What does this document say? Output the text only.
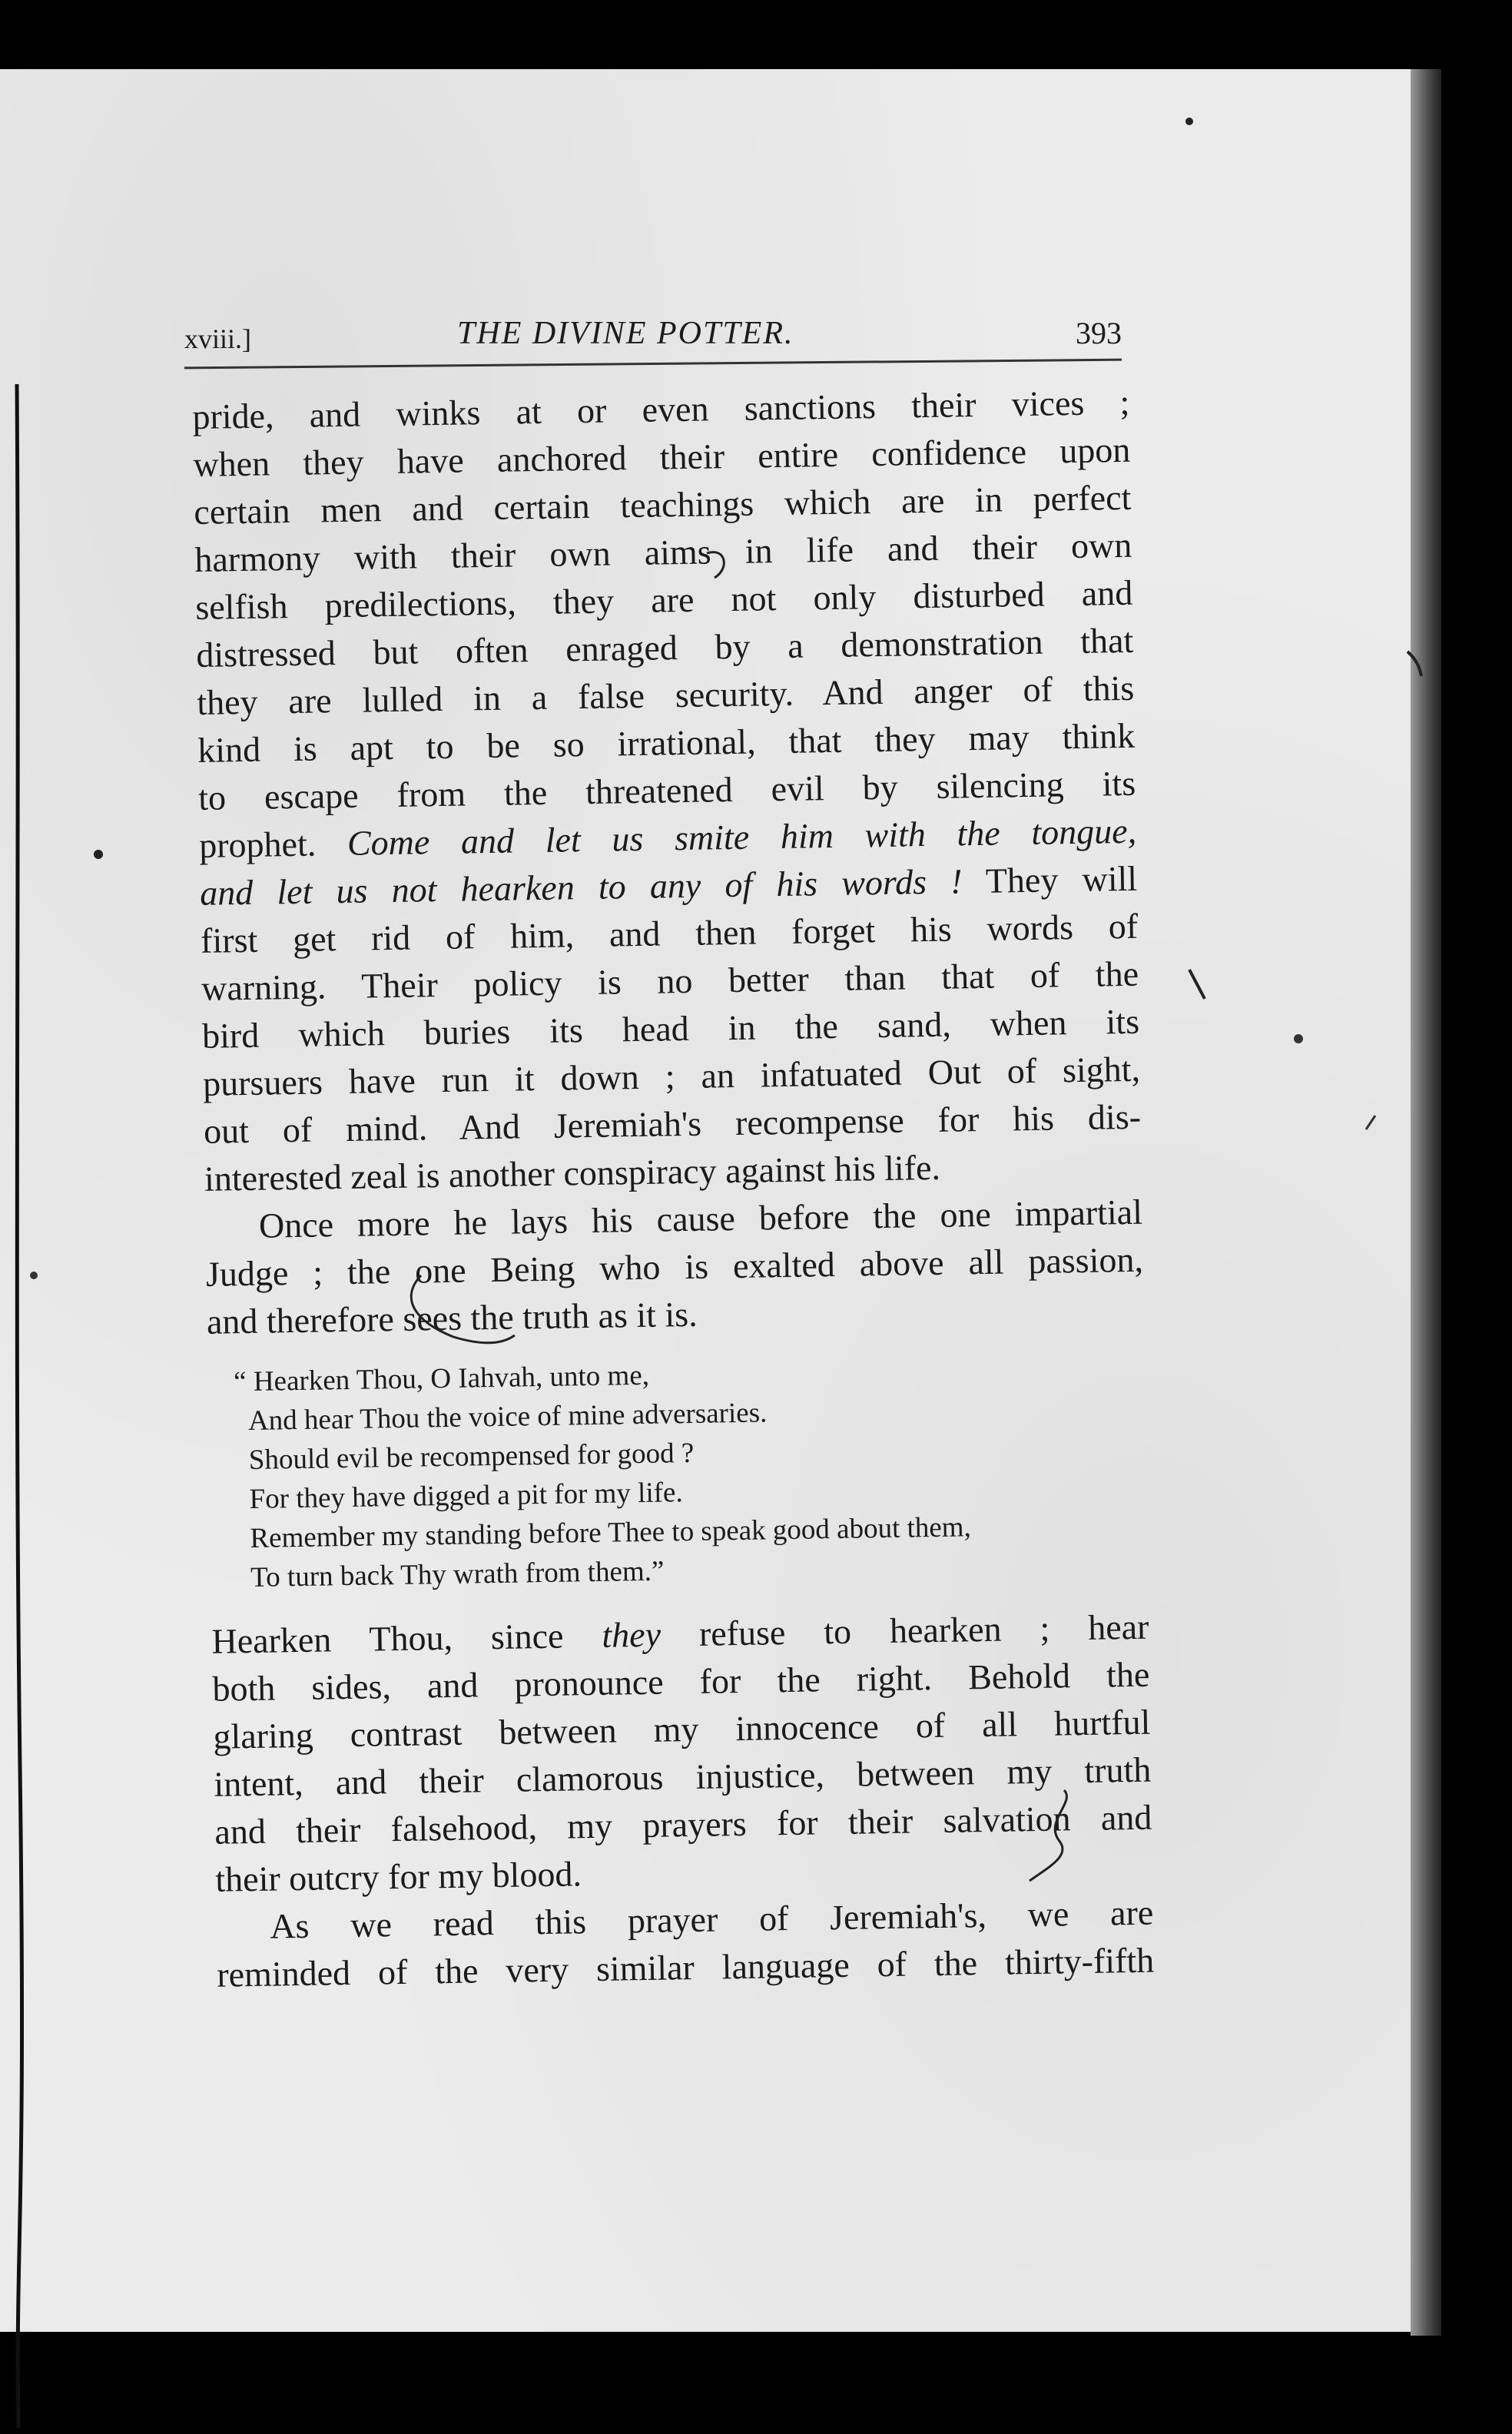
xviii.]	THE DIVINE POTTER.	393
pride, and winks at or even sanctions their vices ;
when they have anchored their entire confidence upon
certain men and certain teachings which are in perfect
harmony with their own aims in life and their own
selfish predilections, they are not only disturbed and
distressed but often enraged by a demonstration that
they are lulled in a false security. And anger of this
kind is apt to be so irrational, that they may think
to escape from the threatened evil by silencing its
prophet. Come and let us smite him with the tongue,
and let us not hearken to any of his words ! They will
first get rid of him, and then forget his words of
warning. Their policy is no better than that of the
bird which buries its head in the sand, when its
pursuers have run it down ; an infatuated Out of sight,
out of mind. And Jeremiah's recompense for his dis-
interested zeal is another conspiracy against his life.
Once more he lays his cause before the one impartial
Judge ; the one Being who is exalted above all passion,
and therefore sees the truth as it is.
“ Hearken Thou, O Iahvah, unto me,
And hear Thou the voice of mine adversaries.
Should evil be recompensed for good ?
For they have digged a pit for my life.
Remember my standing before Thee to speak good about them,
To turn back Thy wrath from them.”
Hearken Thou, since they refuse to hearken ; hear
both sides, and pronounce for the right. Behold the
glaring contrast between my innocence of all hurtful
intent, and their clamorous injustice, between my truth
and their falsehood, my prayers for their salvation and
their outcry for my blood.
As we read this prayer of Jeremiah's, we are
reminded of the very similar language of the thirty-fifth
